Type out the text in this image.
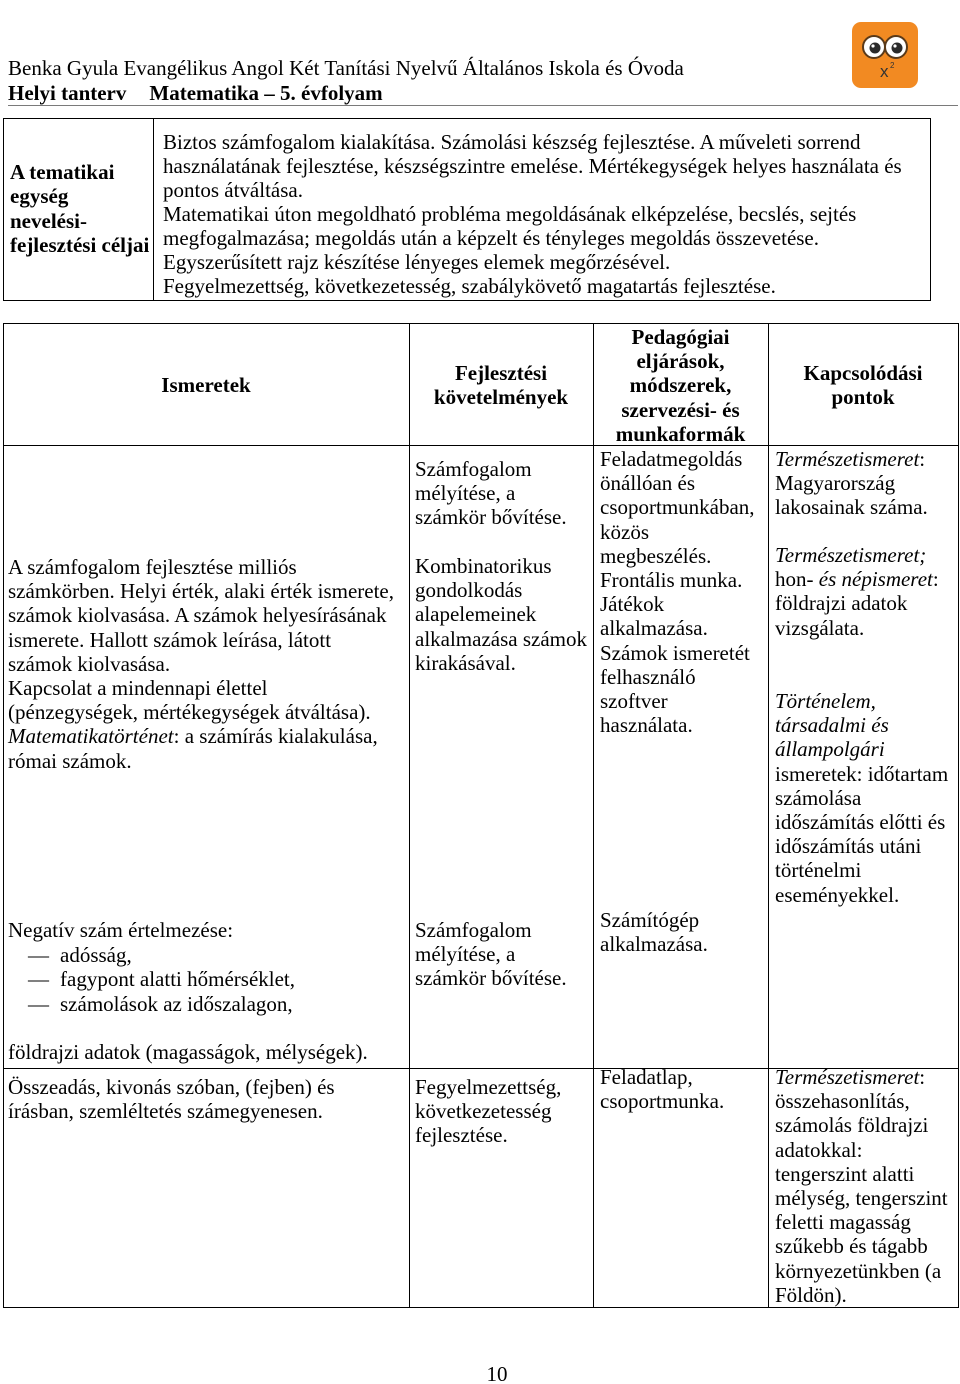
Benka Gyula Evangélikus Angol Két Tanítási Nyelvű Általános Iskola és Óvoda
Helyi tanterv Matematika – 5. évfolyam
x 2
A tematikai
egység
nevelési-
fejlesztési céljai
Biztos számfogalom kialakítása. Számolási készség fejlesztése. A műveleti sorrend
használatának fejlesztése, készségszintre emelése. Mértékegységek helyes használata és
pontos átváltása.
Matematikai úton megoldható probléma megoldásának elképzelése, becslés, sejtés
megfogalmazása; megoldás után a képzelt és tényleges megoldás összevetése.
Egyszerűsített rajz készítése lényeges elemek megőrzésével.
Fegyelmezettség, következetesség, szabálykövető magatartás fejlesztése.
Ismeretek	Fejlesztési
követelmények
Pedagógiai
eljárások,
módszerek,
szervezési- és
munkaformák
Kapcsolódási
pontok
A számfogalom fejlesztése milliós
számkörben. Helyi érték, alaki érték ismerete,
számok kiolvasása. A számok helyesírásának
ismerete. Hallott számok leírása, látott
számok kiolvasása.
Kapcsolat a mindennapi élettel
(pénzegységek, mértékegységek átváltása).
Matematikatörténet: a számírás kialakulása,
római számok.
Negatív szám értelmezése:
— adósság,
— fagypont alatti hőmérséklet,
— számolások az időszalagon,
földrajzi adatok (magasságok, mélységek).
Számfogalom
mélyítése, a
számkör bővítése.
Kombinatorikus
gondolkodás
alapelemeinek
alkalmazása számok
kirakásával.
Számfogalom
mélyítése, a
számkör bővítése.
Feladatmegoldás
önállóan és
csoportmunkában,
közös
megbeszélés.
Frontális munka.
Játékok
alkalmazása.
Számok ismeretét
felhasználó
szoftver
használata.
Számítógép
alkalmazása.
Természetismeret:
Magyarország
lakosainak száma.
Természetismeret;
hon- és népismeret:
földrajzi adatok
vizsgálata.
Történelem,
társadalmi és
állampolgári
ismeretek: időtartam
számolása
időszámítás előtti és
időszámítás utáni
történelmi
eseményekkel.
Összeadás, kivonás szóban, (fejben) és
írásban, szemléltetés számegyenesen.
Fegyelmezettség,
következetesség
fejlesztése.
Feladatlap,
csoportmunka.
Természetismeret:
összehasonlítás,
számolás földrajzi
adatokkal:
tengerszint alatti
mélység, tengerszint
feletti magasság
szűkebb és tágabb
környezetünkben (a
Földön).
10
